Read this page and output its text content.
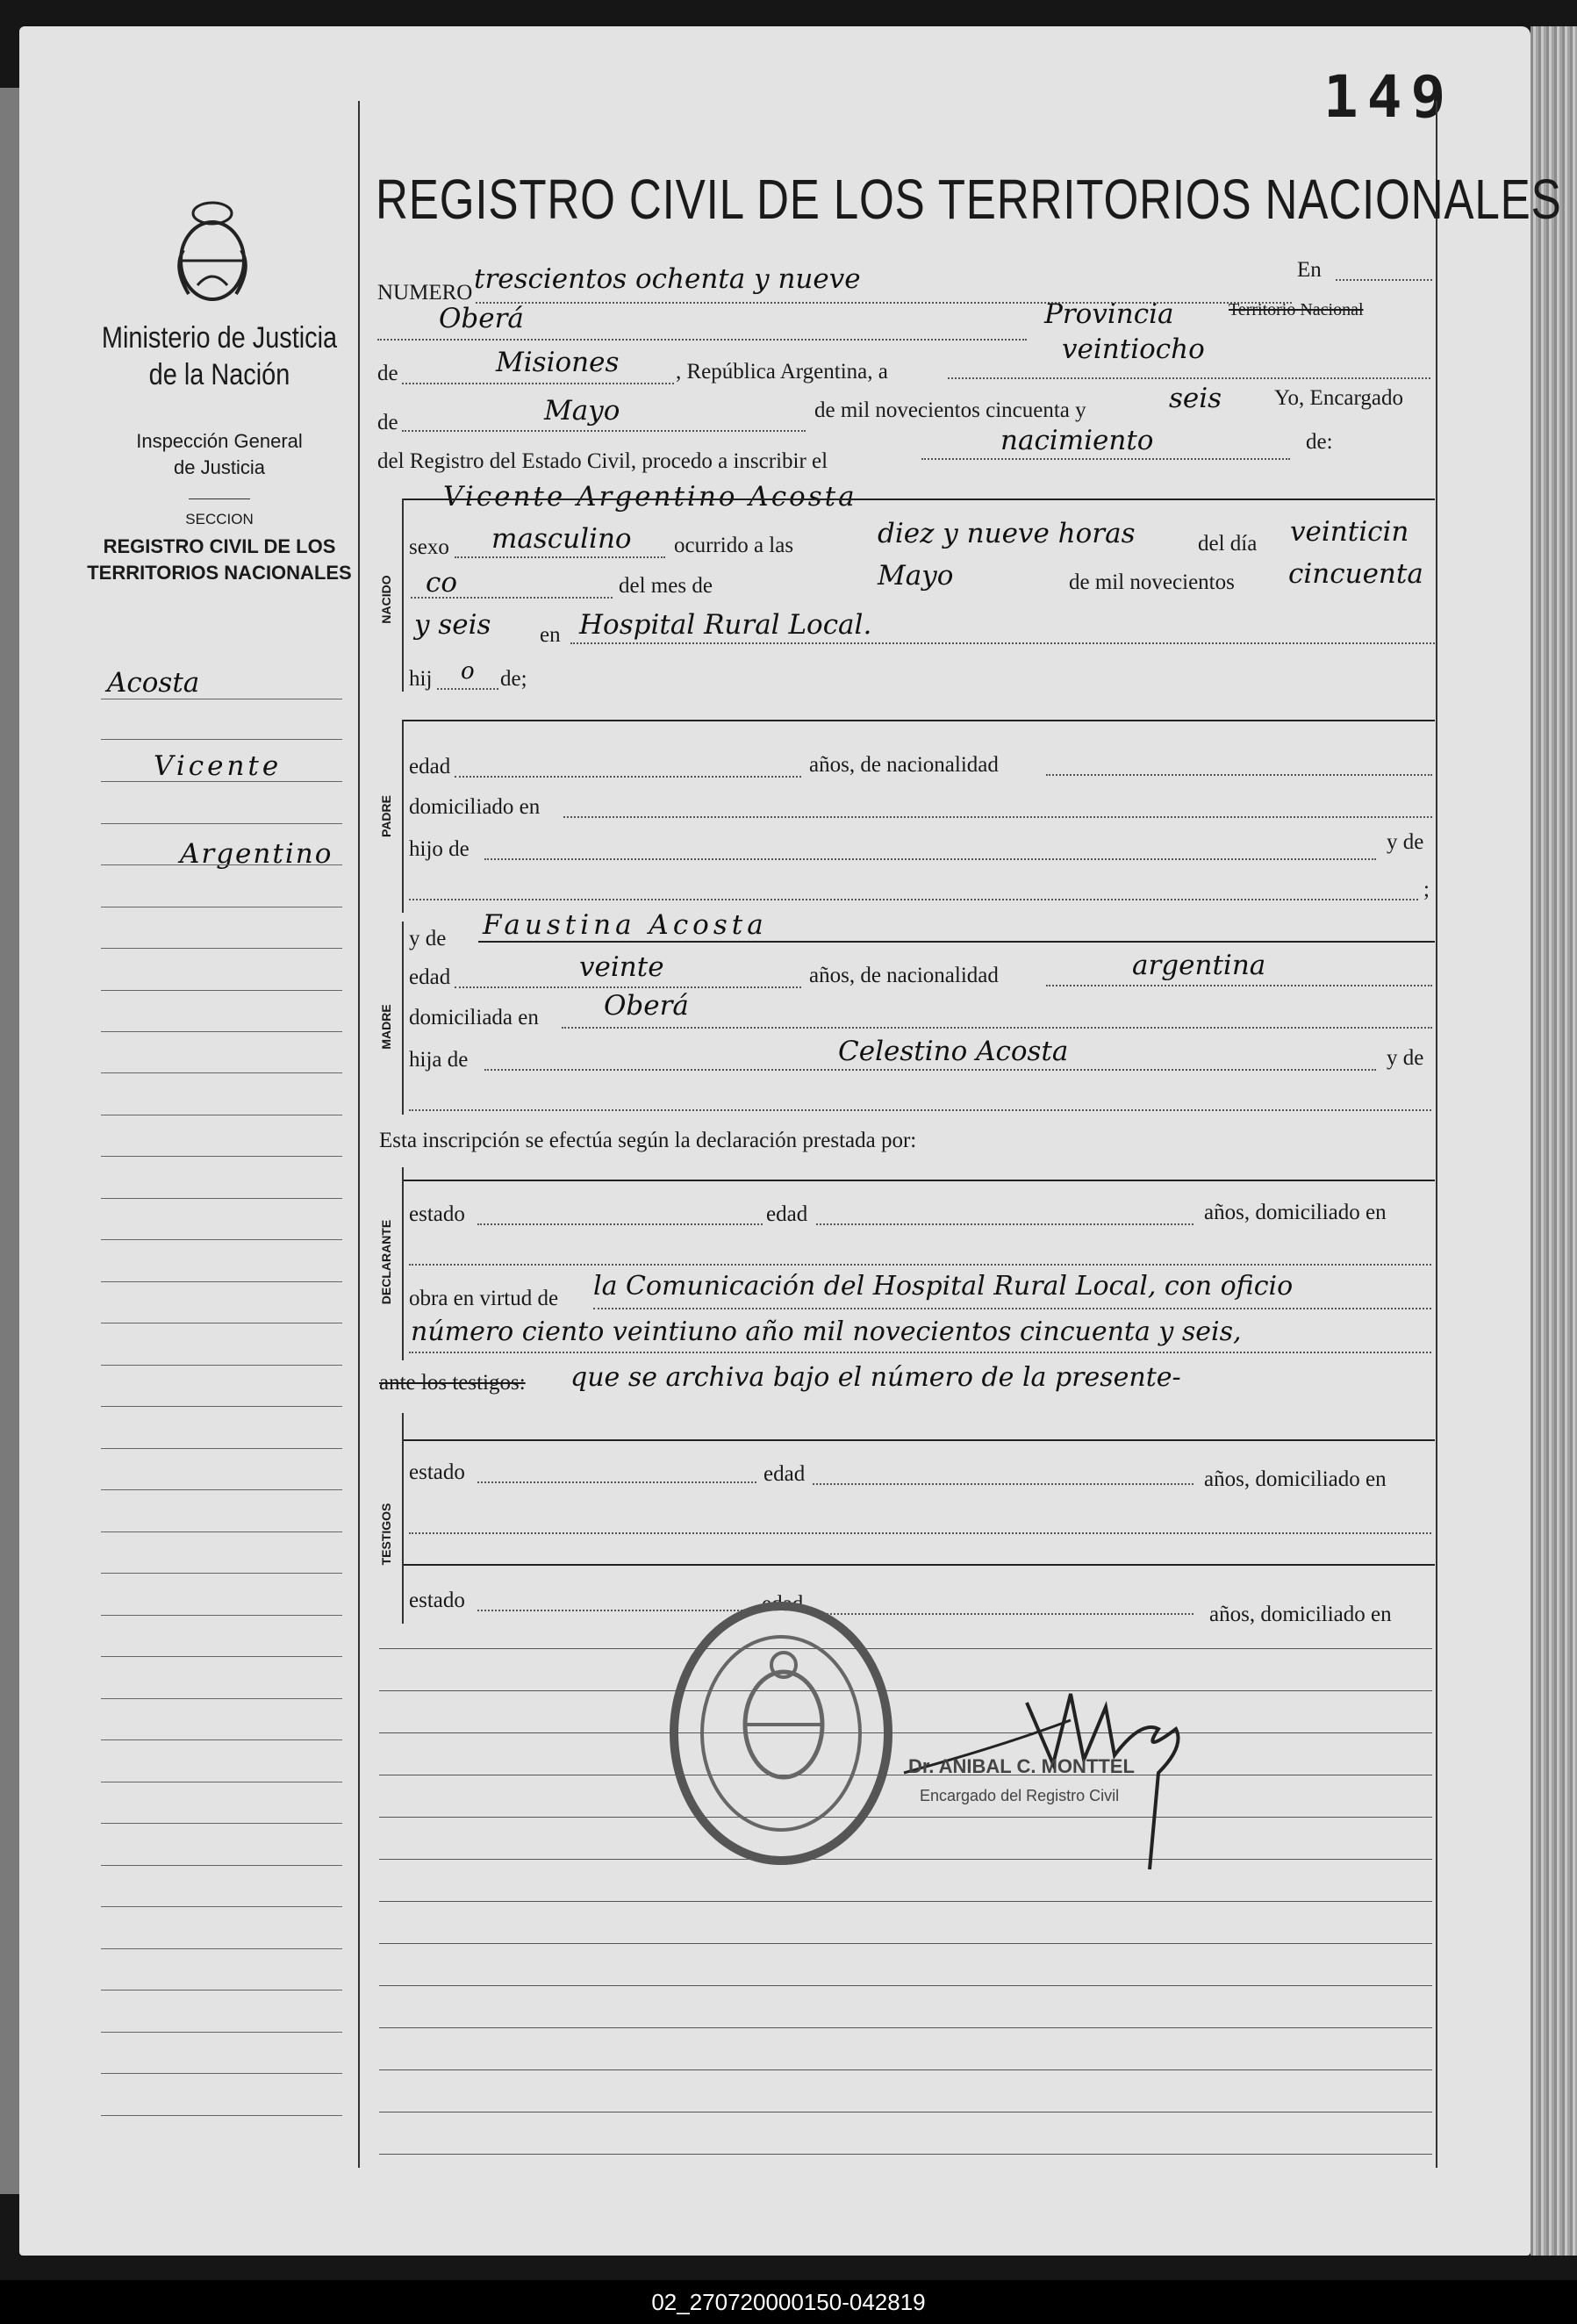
149
Ministerio de Justicia
de la Nación
Inspección General
de Justicia
SECCION
REGISTRO CIVIL DE LOS
TERRITORIOS NACIONALES
Acosta
Vicente
Argentino
REGISTRO CIVIL DE LOS TERRITORIOS NACIONALES
NUMERO trescientos ochenta y nueve	En
Oberá	Provincia	Territorio Nacional
de	Misiones	, República Argentina, a
veintiocho
de	Mayo	de mil novecientos cincuenta y	seis Yo, Encargado
del Registro del Estado Civil, procedo a inscribir el
nacimiento	de:
Vicente Argentino Acosta
NACIDO
sexo masculino ocurrido a las	diez y nueve horas	del día veinticin
co	del mes de	Mayo	de mil novecientos cincuenta
y seis en Hospital Rural Local.
hij o de;
PADRE
edad	años, de nacionalidad
domiciliado en
hijo de	y de
;
y de Faustina Acosta
MADRE
edad	veinte	años, de nacionalidad	argentina
domiciliada en Oberá
hija de	Celestino Acosta	y de
Esta inscripción se efectúa según la declaración prestada por:
DECLARANTE
estado	edad	años, domiciliado en
obra en virtud de la Comunicación del Hospital Rural Local, con oficio
número ciento veintiuno año mil novecientos cincuenta y seis,
ante los testigos: que se archiva bajo el número de la presente-
TESTIGOS
estado	edad	años, domiciliado en
estado	edad	años, domiciliado en
Dr. ANIBAL C. MONTTEL
Encargado del Registro Civil
02_270720000150-042819
